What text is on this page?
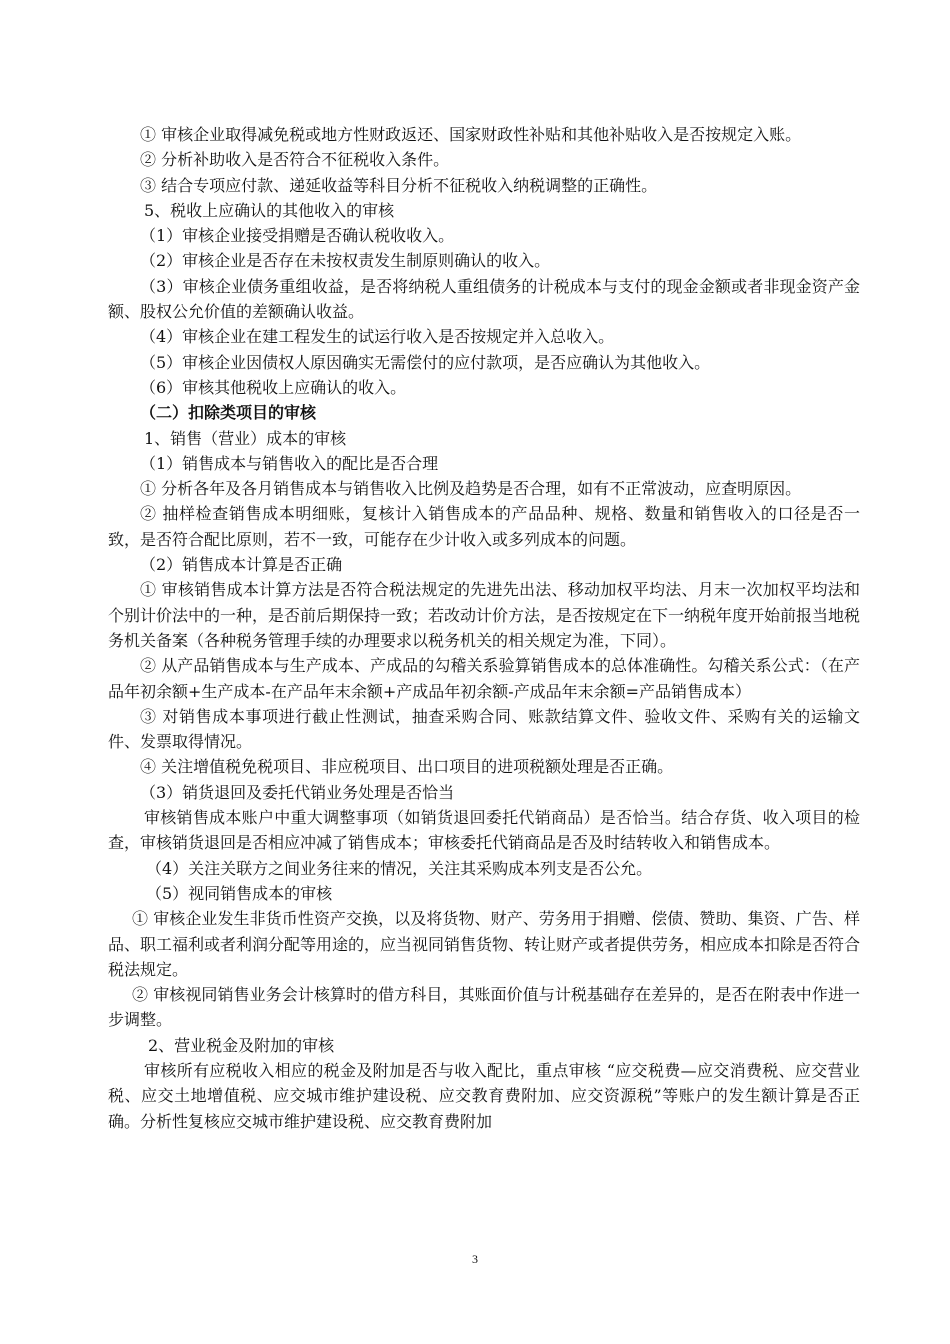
① 审核企业取得减免税或地方性财政返还、国家财政性补贴和其他补贴收入是否按规定入账。

② 分析补助收入是否符合不征税收入条件。

③ 结合专项应付款、递延收益等科目分析不征税收入纳税调整的正确性。

5、税收上应确认的其他收入的审核

（1）审核企业接受捐赠是否确认税收收入。

（2）审核企业是否存在未按权责发生制原则确认的收入。

（3）审核企业债务重组收益，是否将纳税人重组债务的计税成本与支付的现金金额或者非现金资产金额、股权公允价值的差额确认收益。

（4）审核企业在建工程发生的试运行收入是否按规定并入总收入。

（5）审核企业因债权人原因确实无需偿付的应付款项，是否应确认为其他收入。

（6）审核其他税收上应确认的收入。

（二）扣除类项目的审核

1、销售（营业）成本的审核

（1）销售成本与销售收入的配比是否合理

① 分析各年及各月销售成本与销售收入比例及趋势是否合理，如有不正常波动，应查明原因。

② 抽样检查销售成本明细账，复核计入销售成本的产品品种、规格、数量和销售收入的口径是否一致，是否符合配比原则，若不一致，可能存在少计收入或多列成本的问题。

（2）销售成本计算是否正确

① 审核销售成本计算方法是否符合税法规定的先进先出法、移动加权平均法、月末一次加权平均法和个别计价法中的一种，是否前后期保持一致；若改动计价方法，是否按规定在下一纳税年度开始前报当地税务机关备案（各种税务管理手续的办理要求以税务机关的相关规定为准，下同）。

② 从产品销售成本与生产成本、产成品的勾稽关系验算销售成本的总体准确性。勾稽关系公式：（在产品年初余额+生产成本-在产品年末余额+产成品年初余额-产成品年末余额=产品销售成本）

③ 对销售成本事项进行截止性测试，抽查采购合同、账款结算文件、验收文件、采购有关的运输文件、发票取得情况。

④ 关注增值税免税项目、非应税项目、出口项目的进项税额处理是否正确。

（3）销货退回及委托代销业务处理是否恰当

审核销售成本账户中重大调整事项（如销货退回委托代销商品）是否恰当。结合存货、收入项目的检查，审核销货退回是否相应冲减了销售成本；审核委托代销商品是否及时结转收入和销售成本。

（4）关注关联方之间业务往来的情况，关注其采购成本列支是否公允。

（5）视同销售成本的审核

① 审核企业发生非货币性资产交换，以及将货物、财产、劳务用于捐赠、偿债、赞助、集资、广告、样品、职工福利或者利润分配等用途的，应当视同销售货物、转让财产或者提供劳务，相应成本扣除是否符合税法规定。

② 审核视同销售业务会计核算时的借方科目，其账面价值与计税基础存在差异的，是否在附表中作进一步调整。

2、营业税金及附加的审核

审核所有应税收入相应的税金及附加是否与收入配比，重点审核 “应交税费—应交消费税、应交营业税、应交土地增值税、应交城市维护建设税、应交教育费附加、应交资源税”等账户的发生额计算是否正确。分析性复核应交城市维护建设税、应交教育费附加

3
